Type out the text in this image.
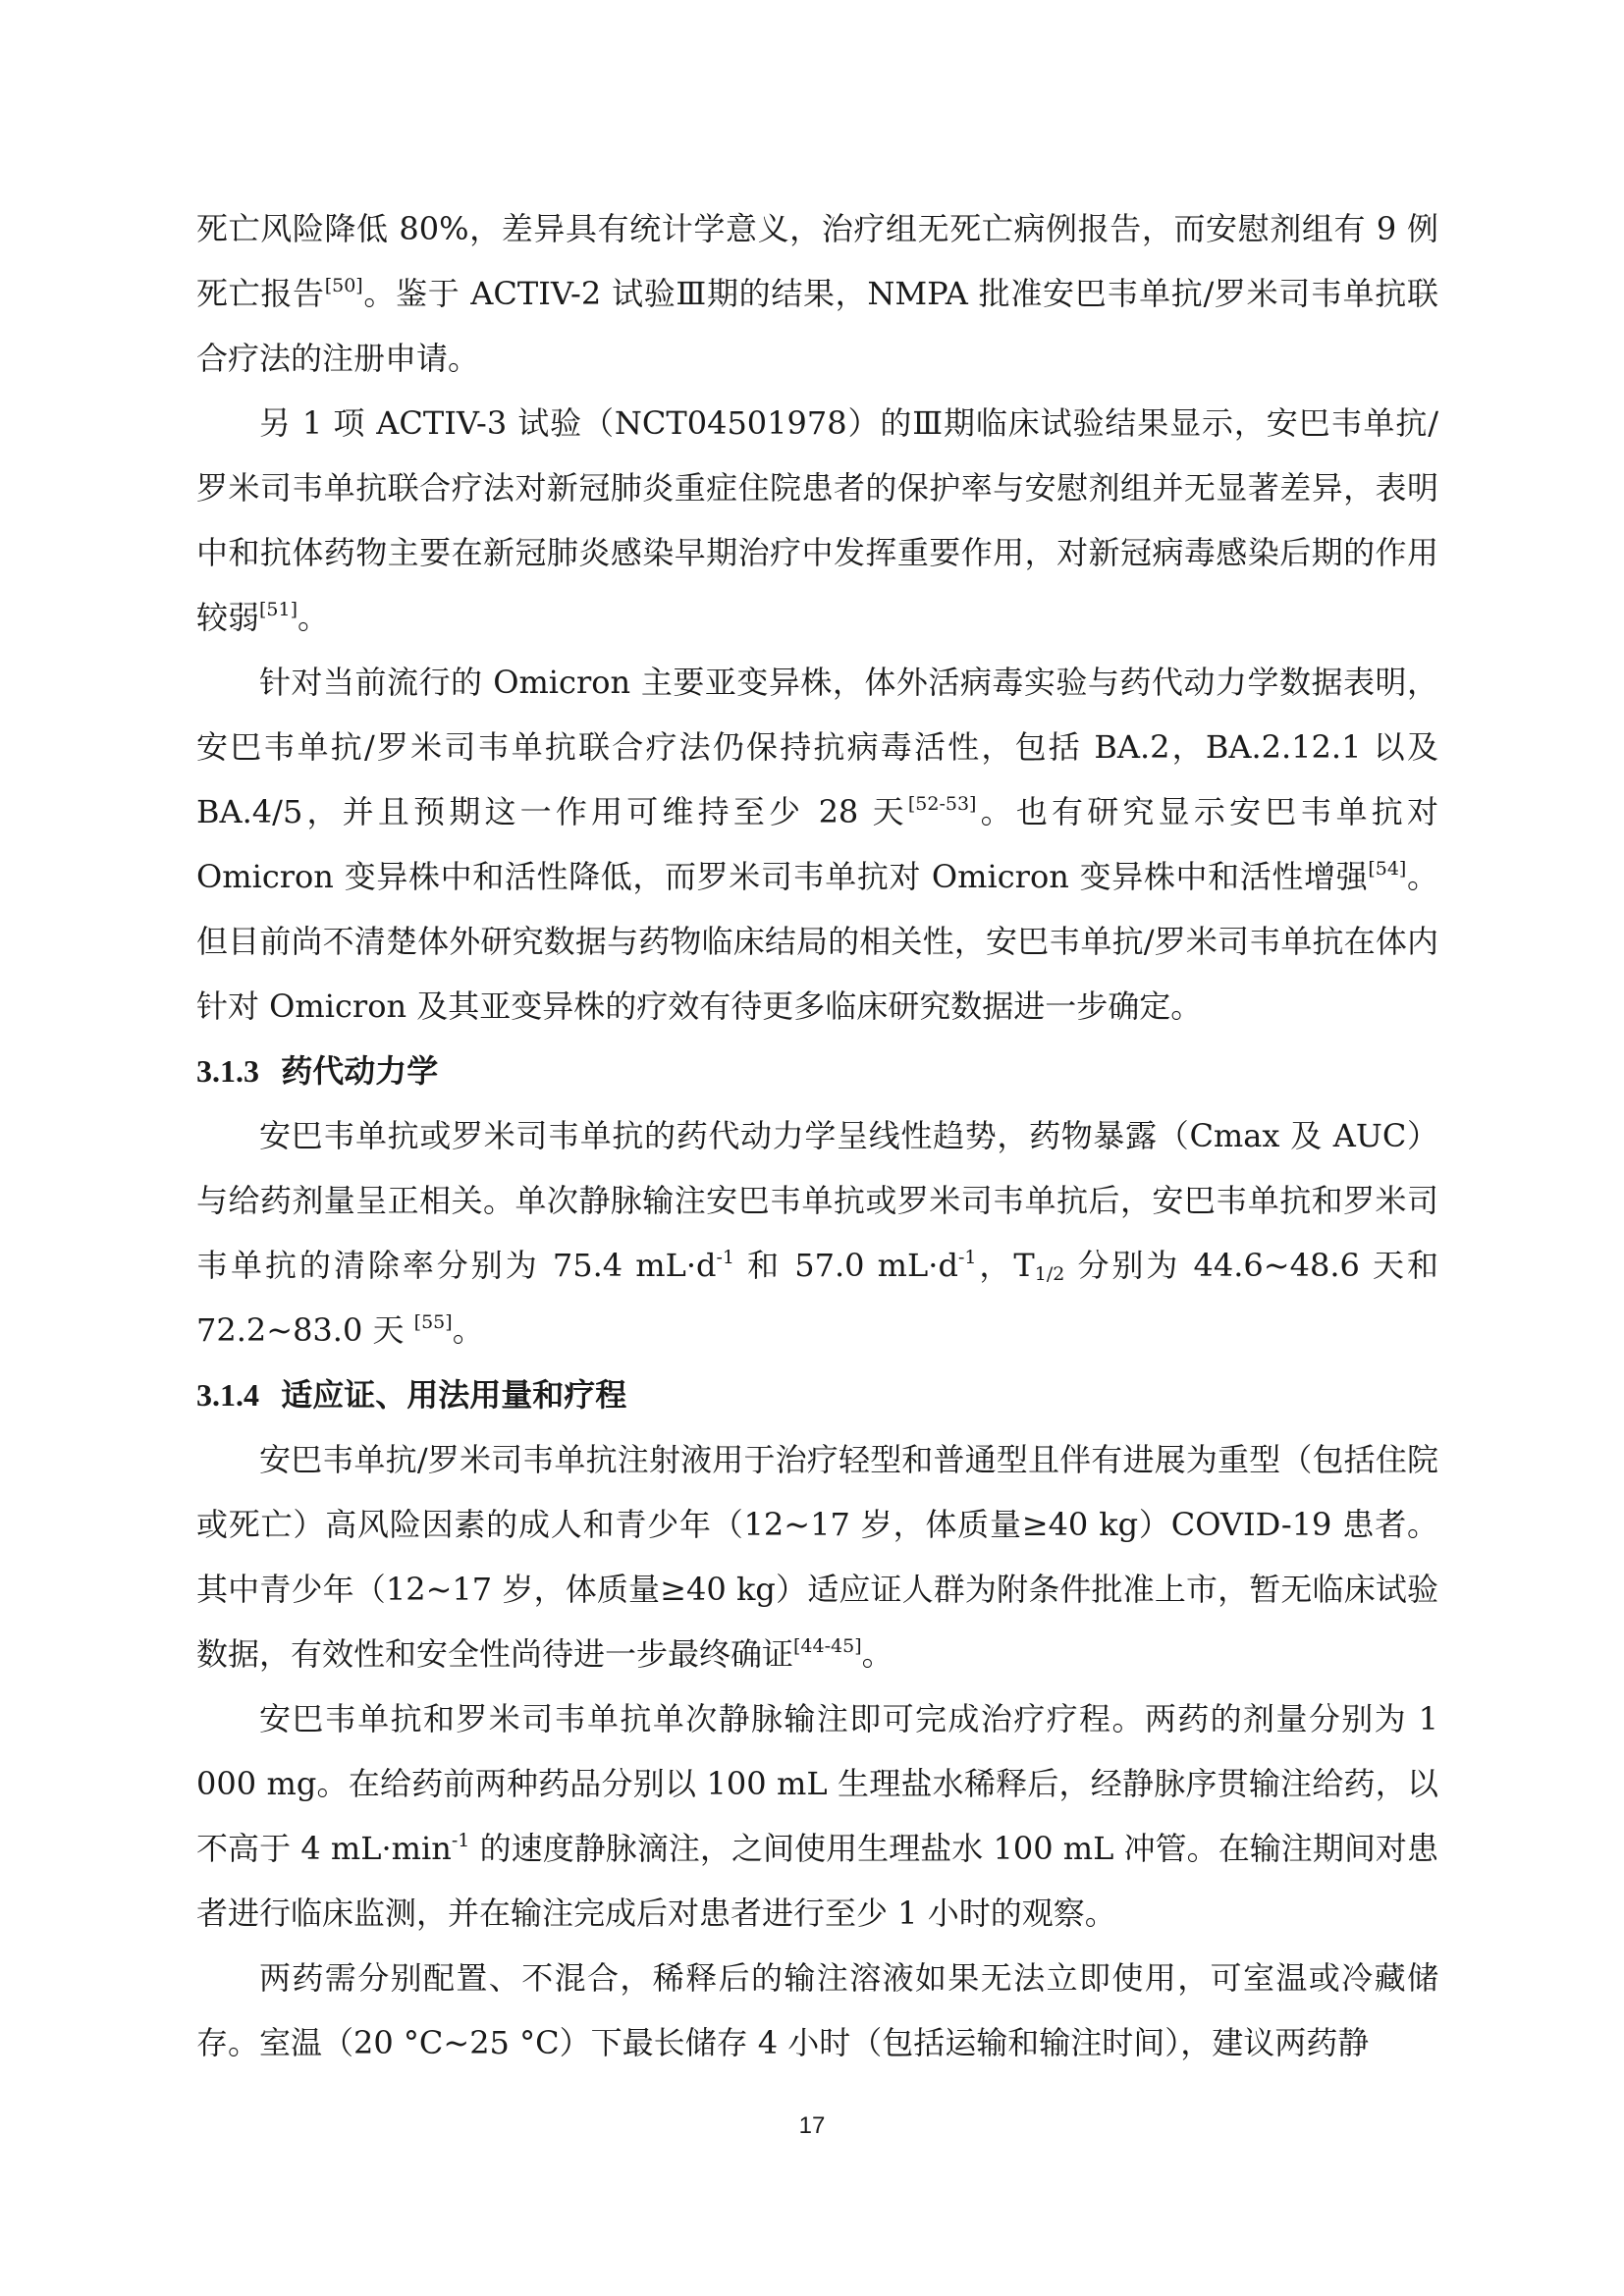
死亡风险降低 80%，差异具有统计学意义，治疗组无死亡病例报告，而安慰剂组有 9 例死亡报告[50]。鉴于 ACTIV-2 试验Ⅲ期的结果，NMPA 批准安巴韦单抗/罗米司韦单抗联合疗法的注册申请。

另 1 项 ACTIV-3 试验（NCT04501978）的Ⅲ期临床试验结果显示，安巴韦单抗/罗米司韦单抗联合疗法对新冠肺炎重症住院患者的保护率与安慰剂组并无显著差异，表明中和抗体药物主要在新冠肺炎感染早期治疗中发挥重要作用，对新冠病毒感染后期的作用较弱[51]。

针对当前流行的 Omicron 主要亚变异株，体外活病毒实验与药代动力学数据表明，安巴韦单抗/罗米司韦单抗联合疗法仍保持抗病毒活性，包括 BA.2，BA.2.12.1 以及 BA.4/5，并且预期这一作用可维持至少 28 天[52-53]。也有研究显示安巴韦单抗对 Omicron 变异株中和活性降低，而罗米司韦单抗对 Omicron 变异株中和活性增强[54]。但目前尚不清楚体外研究数据与药物临床结局的相关性，安巴韦单抗/罗米司韦单抗在体内针对 Omicron 及其亚变异株的疗效有待更多临床研究数据进一步确定。

3.1.3 药代动力学

安巴韦单抗或罗米司韦单抗的药代动力学呈线性趋势，药物暴露（Cmax 及 AUC）与给药剂量呈正相关。单次静脉输注安巴韦单抗或罗米司韦单抗后，安巴韦单抗和罗米司韦单抗的清除率分别为 75.4 $mL\cdot d^{-1}$ 和 57.0 $mL\cdot d^{-1}$，$T_{1/2}$ 分别为 44.6~48.6 天和 72.2~83.0 天 [55]。

3.1.4 适应证、用法用量和疗程

安巴韦单抗/罗米司韦单抗注射液用于治疗轻型和普通型且伴有进展为重型（包括住院或死亡）高风险因素的成人和青少年（12~17 岁，体质量≥40 kg）COVID-19 患者。其中青少年（12~17 岁，体质量≥40 kg）适应证人群为附条件批准上市，暂无临床试验数据，有效性和安全性尚待进一步最终确证[44-45]。

安巴韦单抗和罗米司韦单抗单次静脉输注即可完成治疗疗程。两药的剂量分别为 1 000 mg。在给药前两种药品分别以 100 mL 生理盐水稀释后，经静脉序贯输注给药，以不高于 4 $mL\cdot\min^{-1}$ 的速度静脉滴注，之间使用生理盐水 100 mL 冲管。在输注期间对患者进行临床监测，并在输注完成后对患者进行至少 1 小时的观察。

两药需分别配置、不混合，稀释后的输注溶液如果无法立即使用，可室温或冷藏储存。室温（20 °C~25 °C）下最长储存 4 小时（包括运输和输注时间），建议两药静

17
